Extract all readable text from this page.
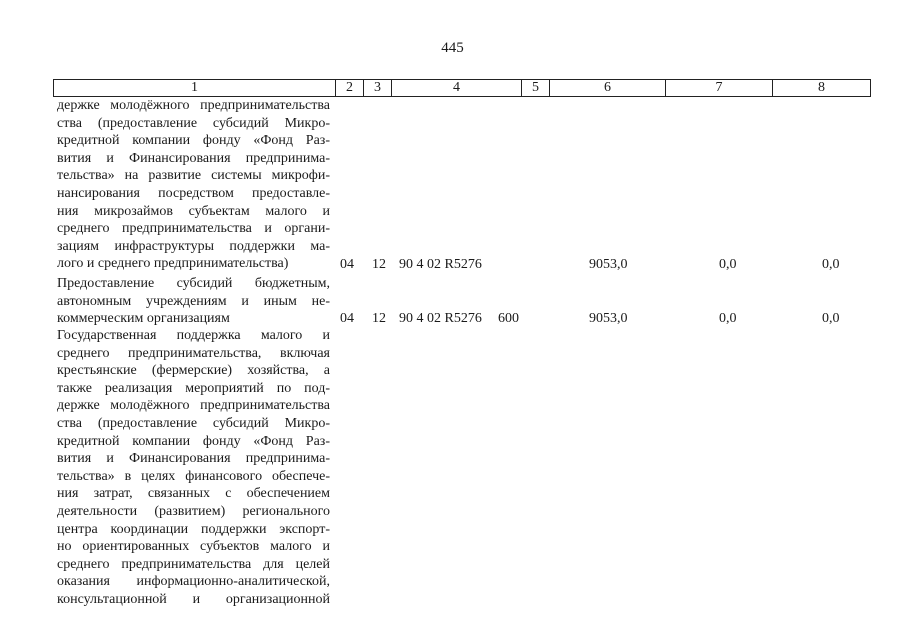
445
1	2	3	4	5	6	7	8
держке молодёжного предпринимательства
ства (предоставление субсидий Микро-
кредитной компании фонду «Фонд Раз-
вития и Финансирования предпринима-
тельства» на развитие системы микрофи-
нансирования посредством предоставле-
ния микрозаймов субъектам малого и
среднего предпринимательства и органи-
зациям инфраструктуры поддержки ма-
лого и среднего предпринимательства)	04 12 90 4 02 R5276	9053,0	0,0	0,0
Предоставление субсидий бюджетным,
автономным учреждениям и иным не-
коммерческим организациям	04 12 90 4 02 R5276 600	9053,0	0,0	0,0
Государственная поддержка малого и
среднего предпринимательства, включая
крестьянские (фермерские) хозяйства, а
также реализация мероприятий по под-
держке молодёжного предпринимательства
ства (предоставление субсидий Микро-
кредитной компании фонду «Фонд Раз-
вития и Финансирования предпринима-
тельства» в целях финансового обеспече-
ния затрат, связанных с обеспечением
деятельности (развитием) регионального
центра координации поддержки экспорт-
но ориентированных субъектов малого и
среднего предпринимательства для целей
оказания информационно-аналитической,
консультационной и организационной
